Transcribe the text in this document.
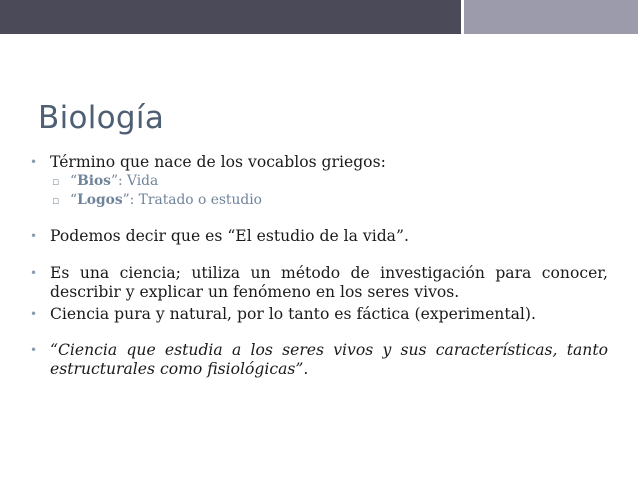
Biología
• Término que nace de los vocablos griegos:
▫ “Bios”: Vida
▫ “Logos”: Tratado o estudio
• Podemos decir que es “El estudio de la vida”.
• Es una ciencia; utiliza un método de investigación para conocer, describir y explicar un fenómeno en los seres vivos.
• Ciencia pura y natural, por lo tanto es fáctica (experimental).
• “Ciencia que estudia a los seres vivos y sus características, tanto estructurales como fisiológicas”.
